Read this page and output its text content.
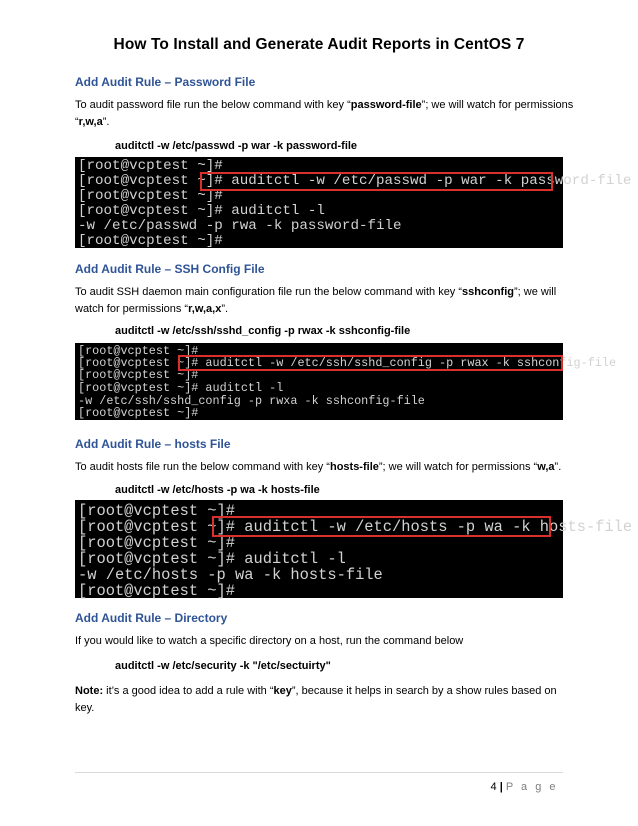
How To Install and Generate Audit Reports in CentOS 7
Add Audit Rule – Password File
To audit password file run the below command with key “password-file”; we will watch for permissions “r,w,a”.
auditctl -w /etc/passwd -p war -k password-file
[root@vcptest ~]#
[root@vcptest ~]# auditctl -w /etc/passwd -p war -k password-file
[root@vcptest ~]#
[root@vcptest ~]# auditctl -l
-w /etc/passwd -p rwa -k password-file
[root@vcptest ~]#
Add Audit Rule – SSH Config File
To audit SSH daemon main configuration file run the below command with key “sshconfig”; we will watch for permissions “r,w,a,x”.
auditctl -w /etc/ssh/sshd_config -p rwax -k sshconfig-file
[root@vcptest ~]#
[root@vcptest ~]# auditctl -w /etc/ssh/sshd_config -p rwax -k sshconfig-file
[root@vcptest ~]#
[root@vcptest ~]# auditctl -l
-w /etc/ssh/sshd_config -p rwxa -k sshconfig-file
[root@vcptest ~]#
Add Audit Rule – hosts File
To audit hosts file run the below command with key “hosts-file”; we will watch for permissions “w,a”.
auditctl -w /etc/hosts -p wa -k hosts-file
[root@vcptest ~]#
[root@vcptest ~]# auditctl -w /etc/hosts -p wa -k hosts-file
[root@vcptest ~]#
[root@vcptest ~]# auditctl -l
-w /etc/hosts -p wa -k hosts-file
[root@vcptest ~]#
Add Audit Rule – Directory
If you would like to watch a specific directory on a host, run the command below
auditctl -w /etc/security -k "/etc/sectuirty"
Note: it’s a good idea to add a rule with “key”, because it helps in search by a show rules based on key.
4 | P a g e
